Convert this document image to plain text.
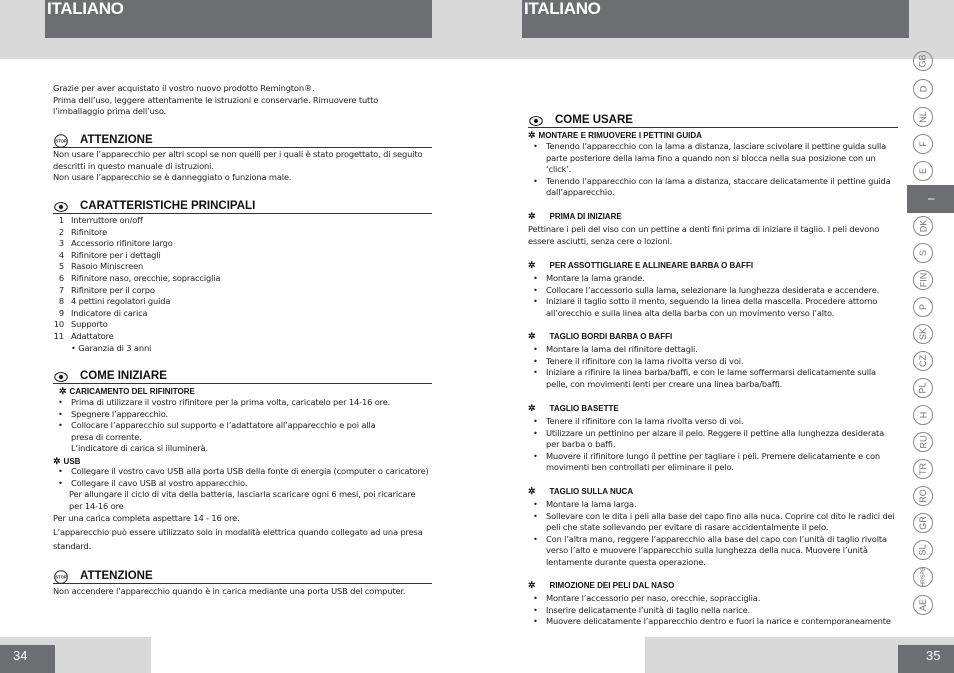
ITALIANO
Grazie per aver acquistato il vostro nuovo prodotto Remington®.
Prima dell’uso, leggere attentamente le istruzioni e conservarle. Rimuovere tutto
l’imballaggio prima dell’uso.
STOP ATTENZIONE
Non usare l’apparecchio per altri scopi se non quelli per i quali è stato progettato, di seguito
descritti in questo manuale di istruzioni.
Non usare l’apparecchio se è danneggiato o funziona male.
CARATTERISTICHE PRINCIPALI
1 Interruttore on/off
2 Rifinitore
3 Accessorio rifinitore largo
4 Rifinitore per i dettagli
5 Rasoio Miniscreen
6 Rifinitore naso, orecchie, sopracciglia
7 Rifinitore per il corpo
8 4 pettini regolatori guida
9 Indicatore di carica
10 Supporto
11 Adattatore
• Garanzia di 3 anni
COME INIZIARE
✲ CARICAMENTO DEL RIFINITORE
• Prima di utilizzare il vostro rifinitore per la prima volta, caricatelo per 14-16 ore.
• Spegnere l’apparecchio.
• Collocare l’apparecchio sul supporto e l’adattatore all’apparecchio e poi alla presa di corrente.
L’indicatore di carica si illuminerà.
✲ USB
• Collegare il vostro cavo USB alla porta USB della fonte di energia (computer o caricatore)
• Collegare il cavo USB al vostro apparecchio.
Per allungare il ciclo di vita della batteria, lasciarla scaricare ogni 6 mesi, poi ricaricare per 14-16 ore
Per una carica completa aspettare 14 - 16 ore.
L’apparecchio può essere utilizzato solo in modalità elettrica quando collegato ad una presa standard.
STOP ATTENZIONE
Non accendere l’apparecchio quando è in carica mediante una porta USB del computer.
34
ITALIANO
COME USARE
✲ MONTARE E RIMUOVERE I PETTINI GUIDA
• Tenendo l’apparecchio con la lama a distanza, lasciare scivolare il pettine guida sulla parte posteriore della lama fino a quando non si blocca nella sua posizione con un ‘click’.
• Tenendo l’apparecchio con la lama a distanza, staccare delicatamente il pettine guida dall’apparecchio.
✲ PRIMA DI INIZIARE
Pettinare i peli del viso con un pettine a denti fini prima di iniziare il taglio. I peli devono essere asciutti, senza cere o lozioni.
✲ PER ASSOTTIGLIARE E ALLINEARE BARBA O BAFFI
• Montare la lama grande.
• Collocare l’accessorio sulla lama, selezionare la lunghezza desiderata e accendere.
• Iniziare il taglio sotto il mento, seguendo la linea della mascella. Procedere attorno all’orecchio e sulla linea alta della barba con un movimento verso l’alto.
✲ TAGLIO BORDI BARBA O BAFFI
• Montare la lama del rifinitore dettagli.
• Tenere il rifinitore con la lama rivolta verso di voi.
• Iniziare a rifinire la linea barba/baffi, e con le lame soffermarsi delicatamente sulla pelle, con movimenti lenti per creare una linea barba/baffi.
✲ TAGLIO BASETTE
• Tenere il rifinitore con la lama rivolta verso di voi.
• Utilizzare un pettinino per alzare il pelo. Reggere il pettine alla lunghezza desiderata per barba o baffi.
• Muovere il rifinitore lungo il pettine per tagliare i peli. Premere delicatamente e con movimenti ben controllati per eliminare il pelo.
✲ TAGLIO SULLA NUCA
• Montare la lama larga.
• Sollevare con le dita i peli alla base del capo fino alla nuca. Coprire col dito le radici dei peli che state sollevando per evitare di rasare accidentalmente il pelo.
• Con l’altra mano, reggere l’apparecchio alla base del capo con l’unità di taglio rivolta verso l’alto e muovere l’apparecchio sulla lunghezza della nuca. Muovere l’unità lentamente durante questa operazione.
✲ RIMOZIONE DEI PELI DAL NASO
• Montare l’accessorio per naso, orecchie, sopracciglia.
• Inserire delicatamente l’unità di taglio nella narice.
• Muovere delicatamente l’apparecchio dentro e fuori la narice e contemporaneamente
GB
D
NL
F
E
I
DK
S
FIN
P
SK
CZ
PL
H
RU
TR
RO
GR
SL
HR/SRB
AE
35
